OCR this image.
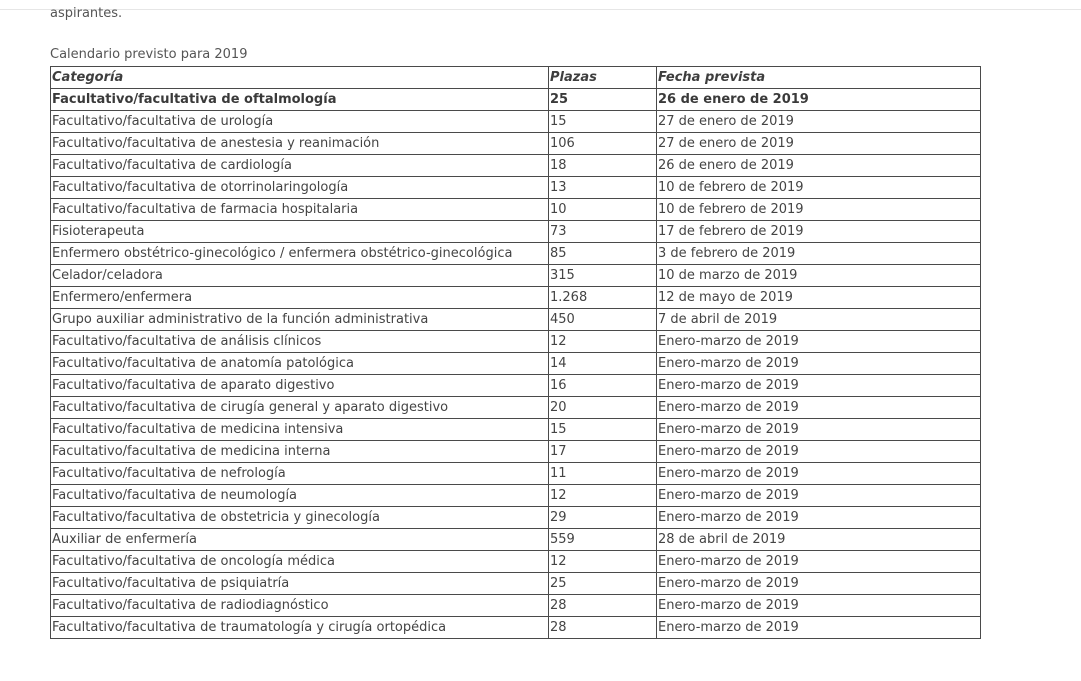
aspirantes.
Calendario previsto para 2019
Categoría	Plazas	Fecha prevista
Facultativo/facultativa de oftalmología	25	26 de enero de 2019
Facultativo/facultativa de urología	15	27 de enero de 2019
Facultativo/facultativa de anestesia y reanimación	106	27 de enero de 2019
Facultativo/facultativa de cardiología	18	26 de enero de 2019
Facultativo/facultativa de otorrinolaringología	13	10 de febrero de 2019
Facultativo/facultativa de farmacia hospitalaria	10	10 de febrero de 2019
Fisioterapeuta	73	17 de febrero de 2019
Enfermero obstétrico-ginecológico / enfermera obstétrico-ginecológica	85	3 de febrero de 2019
Celador/celadora	315	10 de marzo de 2019
Enfermero/enfermera	1.268	12 de mayo de 2019
Grupo auxiliar administrativo de la función administrativa	450	7 de abril de 2019
Facultativo/facultativa de análisis clínicos	12	Enero-marzo de 2019
Facultativo/facultativa de anatomía patológica	14	Enero-marzo de 2019
Facultativo/facultativa de aparato digestivo	16	Enero-marzo de 2019
Facultativo/facultativa de cirugía general y aparato digestivo	20	Enero-marzo de 2019
Facultativo/facultativa de medicina intensiva	15	Enero-marzo de 2019
Facultativo/facultativa de medicina interna	17	Enero-marzo de 2019
Facultativo/facultativa de nefrología	11	Enero-marzo de 2019
Facultativo/facultativa de neumología	12	Enero-marzo de 2019
Facultativo/facultativa de obstetricia y ginecología	29	Enero-marzo de 2019
Auxiliar de enfermería	559	28 de abril de 2019
Facultativo/facultativa de oncología médica	12	Enero-marzo de 2019
Facultativo/facultativa de psiquiatría	25	Enero-marzo de 2019
Facultativo/facultativa de radiodiagnóstico	28	Enero-marzo de 2019
Facultativo/facultativa de traumatología y cirugía ortopédica	28	Enero-marzo de 2019
